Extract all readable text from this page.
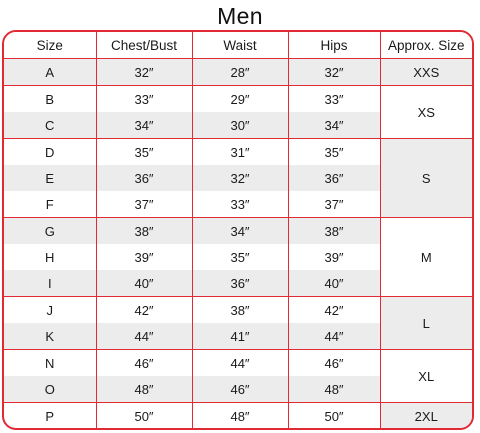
Men
Size	Chest/Bust	Waist	Hips	Approx. Size
A	32″	28″	32″	XXS
B	33″	29″	33″	XS
C	34″	30″	34″	
D	35″	31″	35″	S
E	36″	32″	36″	
F	37″	33″	37″	
G	38″	34″	38″	M
H	39″	35″	39″	
I	40″	36″	40″	
J	42″	38″	42″	L
K	44″	41″	44″	
N	46″	44″	46″	XL
O	48″	46″	48″	
P	50″	48″	50″	2XL
